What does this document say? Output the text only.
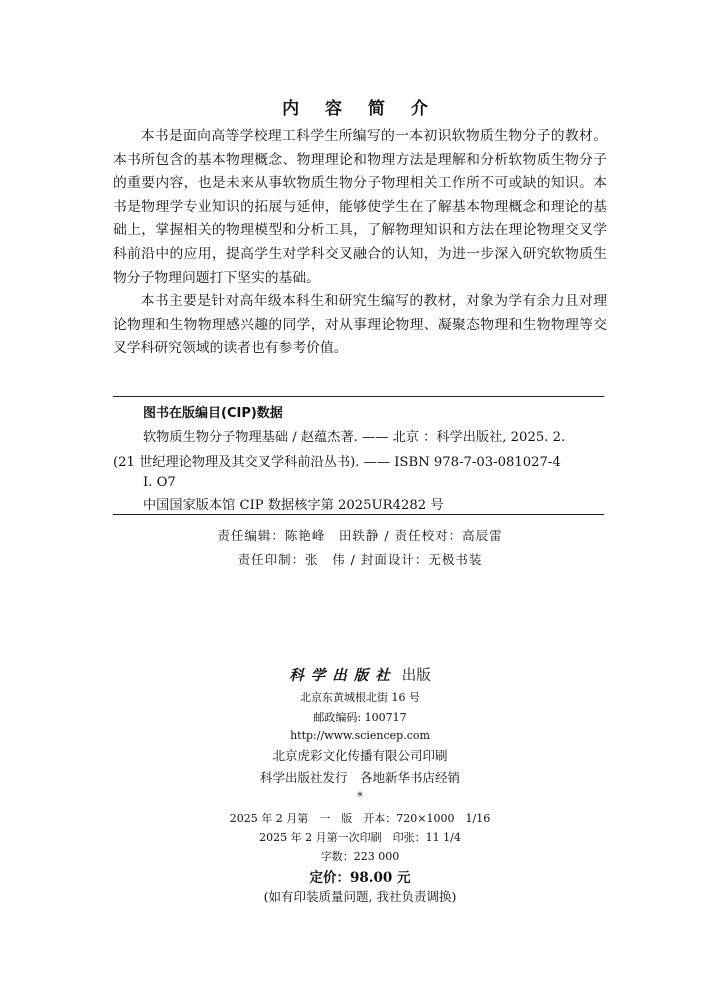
内 容 简 介

本书是面向高等学校理工科学生所编写的一本初识软物质生物分子的教材。本书所包含的基本物理概念、物理理论和物理方法是理解和分析软物质生物分子的重要内容，也是未来从事软物质生物分子物理相关工作所不可或缺的知识。本书是物理学专业知识的拓展与延伸，能够使学生在了解基本物理概念和理论的基础上，掌握相关的物理模型和分析工具，了解物理知识和方法在理论物理交叉学科前沿中的应用，提高学生对学科交叉融合的认知，为进一步深入研究软物质生物分子物理问题打下坚实的基础。

本书主要是针对高年级本科生和研究生编写的教材，对象为学有余力且对理论物理和生物物理感兴趣的同学，对从事理论物理、凝聚态物理和生物物理等交叉学科研究领域的读者也有参考价值。

图书在版编目(CIP)数据
软物质生物分子物理基础 / 赵蕴杰著. —— 北京 ：科学出版社, 2025. 2.
(21 世纪理论物理及其交叉学科前沿丛书). —— ISBN 978-7-03-081027-4
I. O7
中国国家版本馆 CIP 数据核字第 2025UR4282 号
责任编辑：陈艳峰　田轶静 / 责任校对：高辰雷
责任印制：张　伟 / 封面设计：无极书装
科学出版社 出版
北京东黄城根北街 16 号
邮政编码: 100717
http://www.sciencep.com
北京虎彩文化传播有限公司印刷
科学出版社发行　各地新华书店经销
*
2025 年 2 月第　一　版　开本：720×1000　1/16
2025 年 2 月第一次印刷　印张：11 1/4
字数：223 000
定价：98.00 元
(如有印装质量问题, 我社负责调换)
